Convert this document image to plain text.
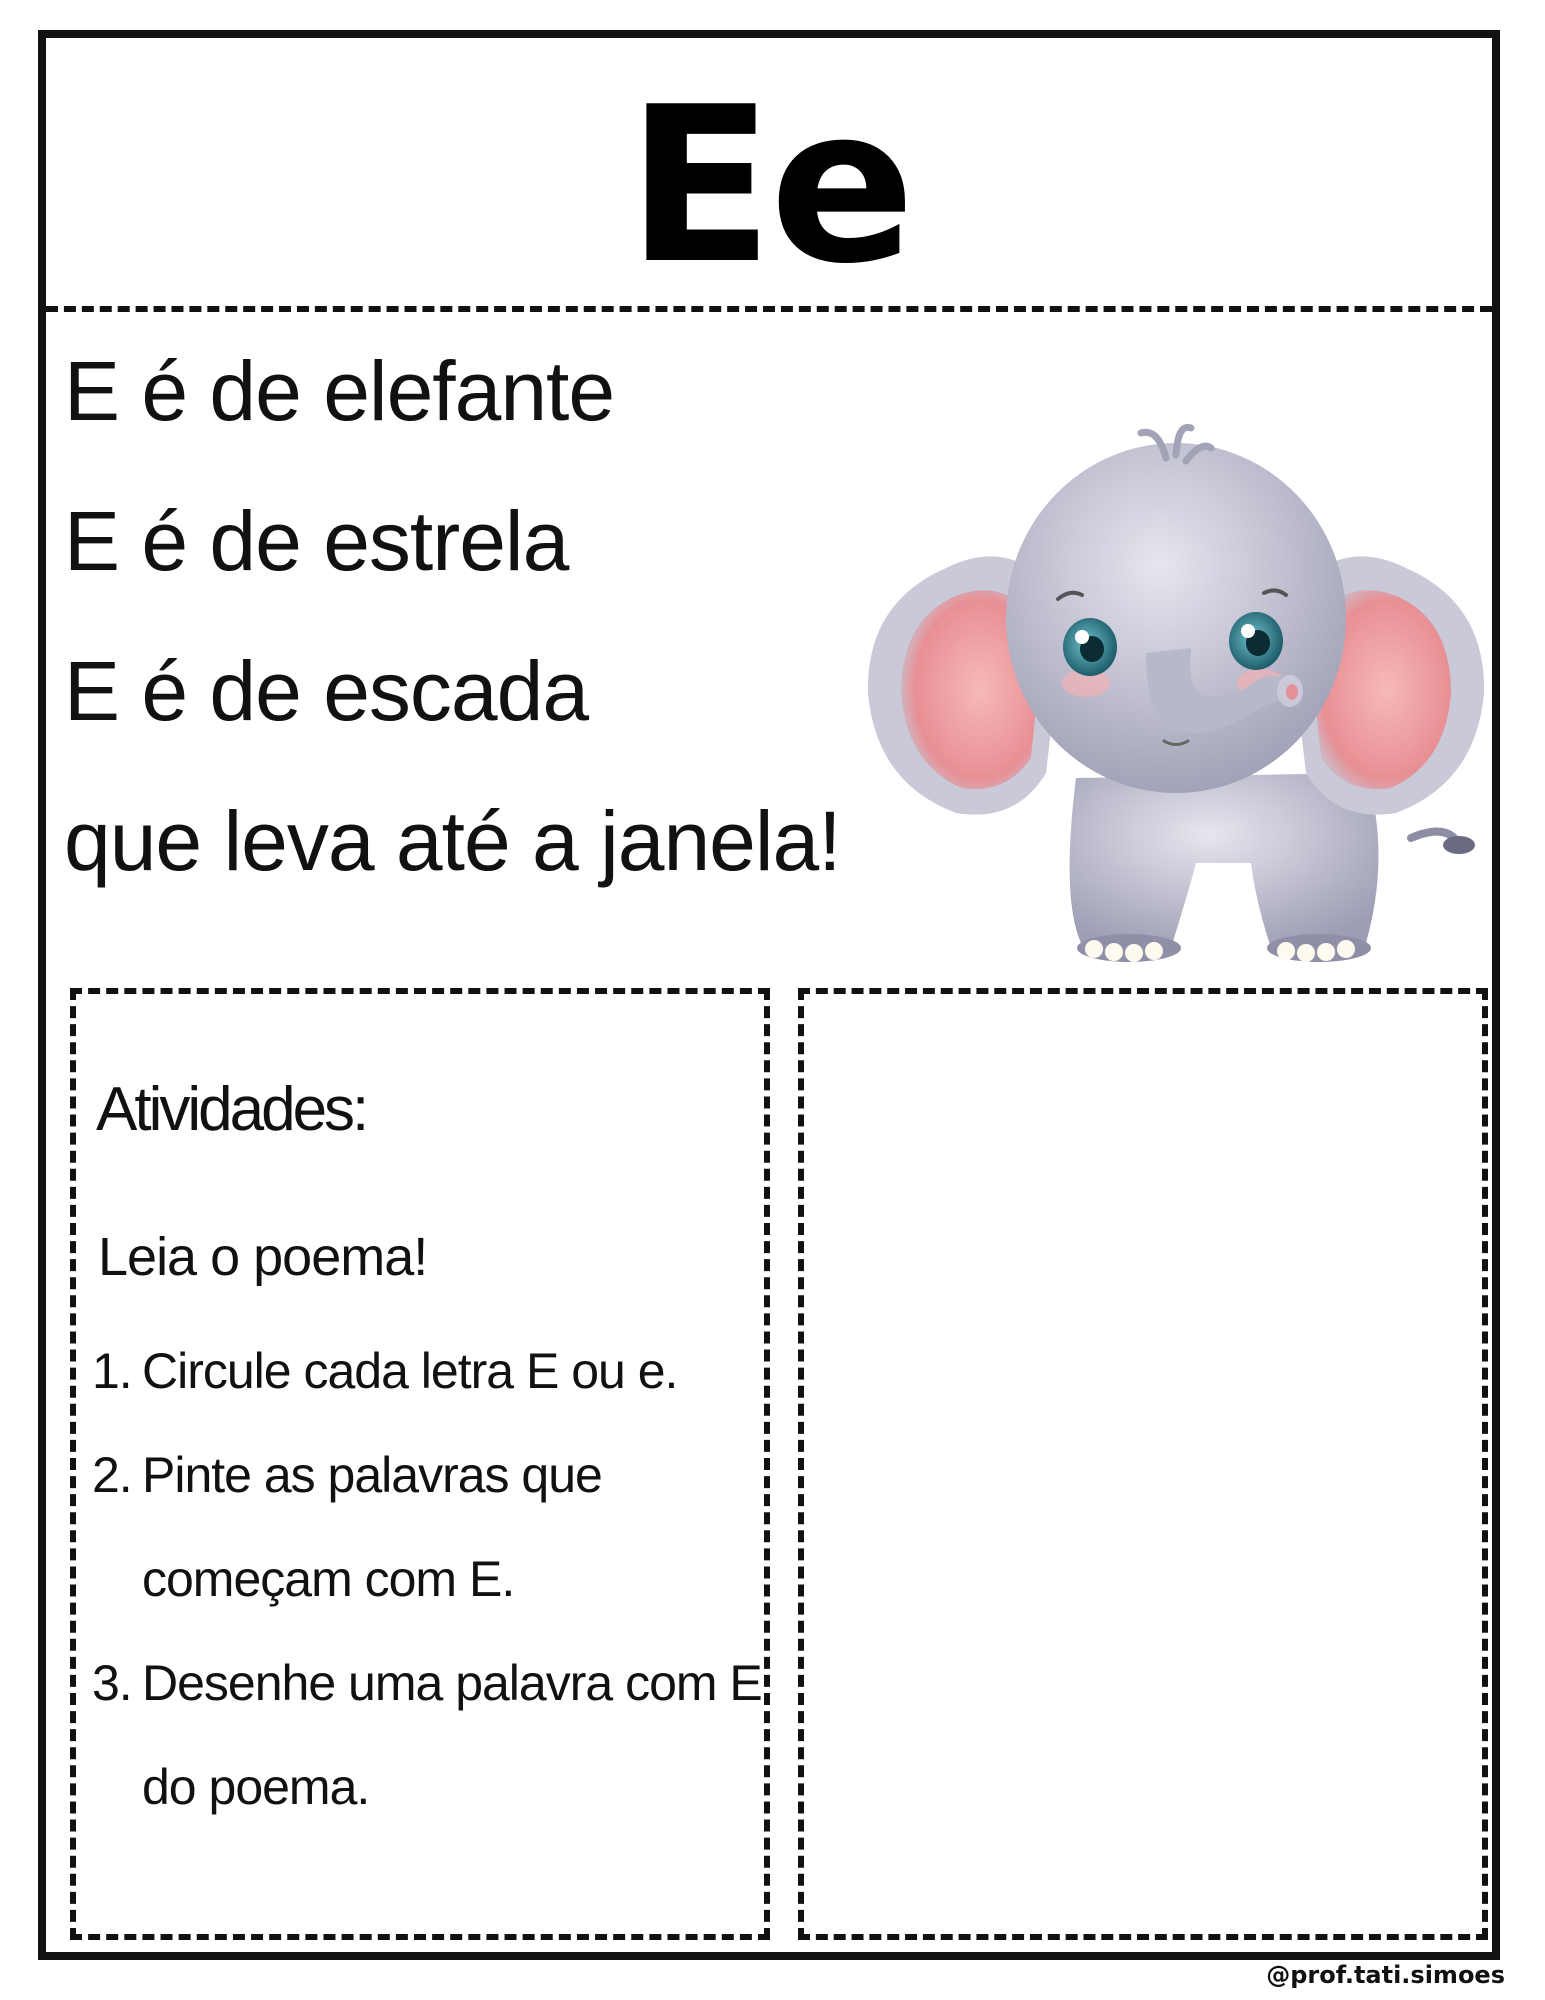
Ee

E é de elefante

E é de estrela

E é de escada

que leva até a janela!

Atividades:
Leia o poema!
1. Circule cada letra E ou e.
2. Pinte as palavras que começam com E.
3. Desenhe uma palavra com E do poema.
@prof.tati.simoes
